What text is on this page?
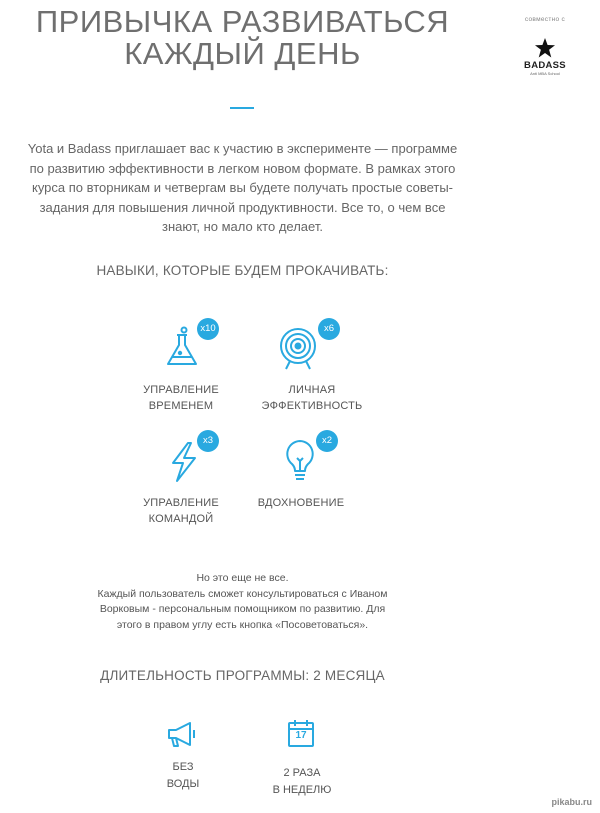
ПРИВЫЧКА РАЗВИВАТЬСЯ
КАЖДЫЙ ДЕНЬ
совместно с
BADASS
Anti MBA School
Yota и Badass приглашает вас к участию в эксперименте — программе
по развитию эффективности в легком новом формате. В рамках этого
курса по вторникам и четвергам вы будете получать простые советы-
задания для повышения личной продуктивности. Все то, о чем все
знают, но мало кто делает.
НАВЫКИ, КОТОРЫЕ БУДЕМ ПРОКАЧИВАТЬ:
x10
УПРАВЛЕНИЕ
ВРЕМЕНЕМ
x6
ЛИЧНАЯ
ЭФФЕКТИВНОСТЬ
x3
УПРАВЛЕНИЕ
КОМАНДОЙ
x2
ВДОХНОВЕНИЕ
Но это еще не все.
Каждый пользователь сможет консультироваться с Иваном
Ворковым - персональным помощником по развитию. Для
этого в правом углу есть кнопка «Посоветоваться».
ДЛИТЕЛЬНОСТЬ ПРОГРАММЫ: 2 МЕСЯЦА
БЕЗ
ВОДЫ
17
2 РАЗА
В НЕДЕЛЮ
pikabu.ru
